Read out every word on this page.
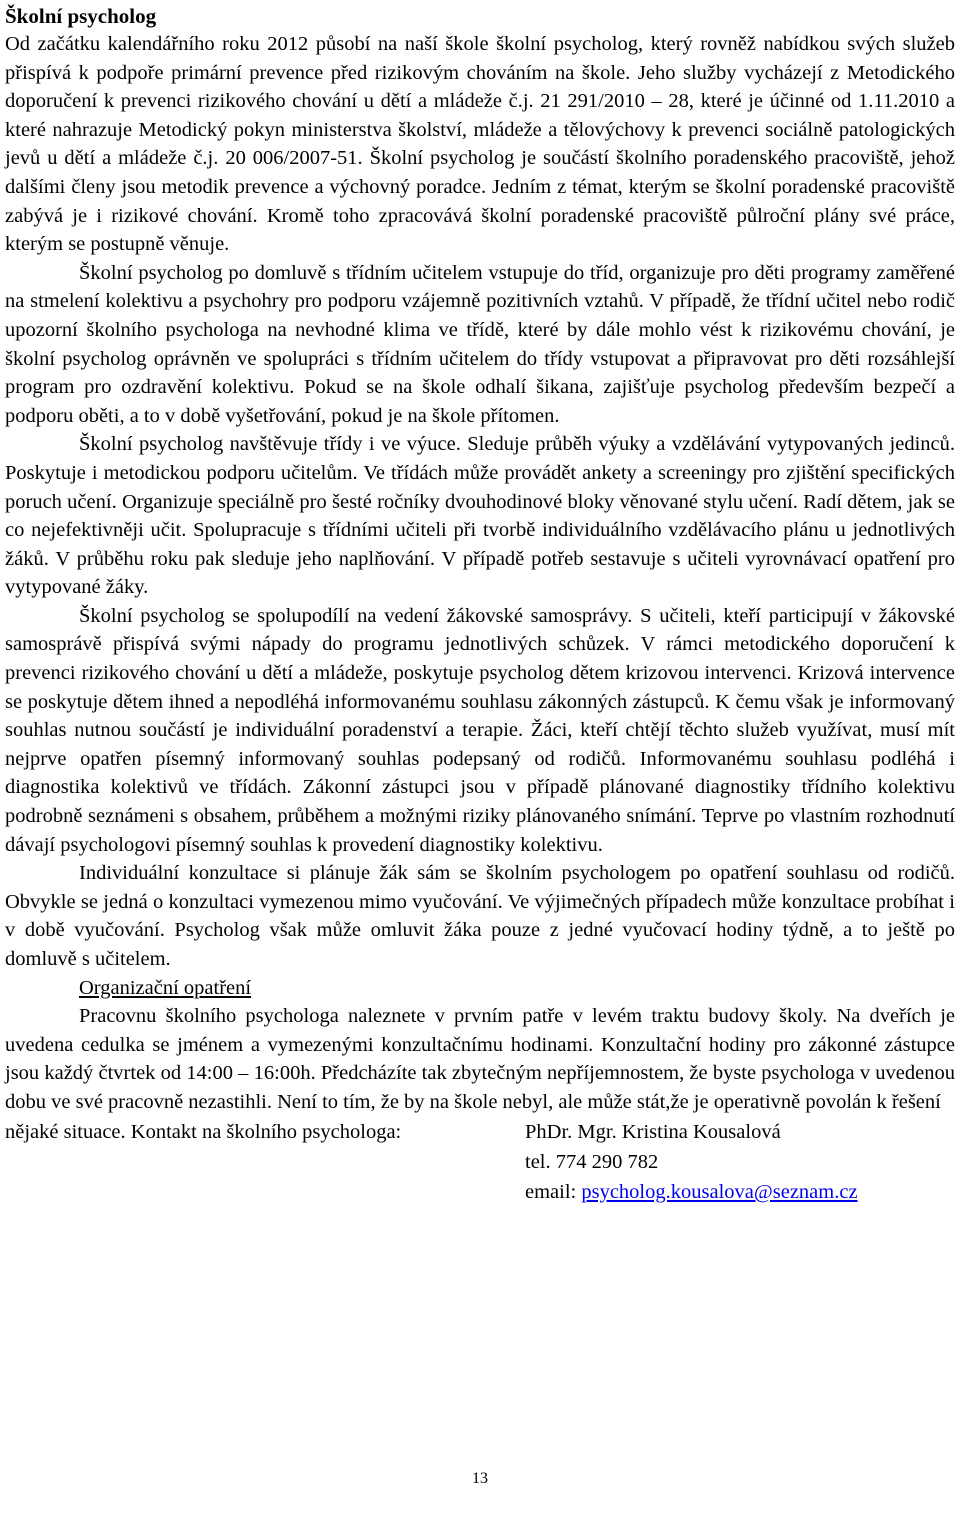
Školní psycholog

Od začátku kalendářního roku 2012 působí na naší škole školní psycholog, který rovněž nabídkou svých služeb přispívá k podpoře primární prevence před rizikovým chováním na škole. Jeho služby vycházejí z Metodického doporučení k prevenci rizikového chování u dětí a mládeže č.j. 21 291/2010 – 28, které je účinné od 1.11.2010 a které nahrazuje Metodický pokyn ministerstva školství, mládeže a tělovýchovy k prevenci sociálně patologických jevů u dětí a mládeže č.j. 20 006/2007-51. Školní psycholog je součástí školního poradenského pracoviště, jehož dalšími členy jsou metodik prevence a výchovný poradce. Jedním z témat, kterým se školní poradenské pracoviště zabývá je i rizikové chování. Kromě toho zpracovává školní poradenské pracoviště půlroční plány své práce, kterým se postupně věnuje.

Školní psycholog po domluvě s třídním učitelem vstupuje do tříd, organizuje pro děti programy zaměřené na stmelení kolektivu a psychohry pro podporu vzájemně pozitivních vztahů. V případě, že třídní učitel nebo rodič upozorní školního psychologa na nevhodné klima ve třídě, které by dále mohlo vést k rizikovému chování, je školní psycholog oprávněn ve spolupráci s třídním učitelem do třídy vstupovat a připravovat pro děti rozsáhlejší program pro ozdravění kolektivu. Pokud se na škole odhalí šikana, zajišťuje psycholog především bezpečí a podporu oběti, a to v době vyšetřování, pokud je na škole přítomen.

Školní psycholog navštěvuje třídy i ve výuce. Sleduje průběh výuky a vzdělávání vytypovaných jedinců. Poskytuje i metodickou podporu učitelům. Ve třídách může provádět ankety a screeningy pro zjištění specifických poruch učení. Organizuje speciálně pro šesté ročníky dvouhodinové bloky věnované stylu učení. Radí dětem, jak se co nejefektivněji učit. Spolupracuje s třídními učiteli při tvorbě individuálního vzdělávacího plánu u jednotlivých žáků. V průběhu roku pak sleduje jeho naplňování. V případě potřeb sestavuje s učiteli vyrovnávací opatření pro vytypované žáky.

Školní psycholog se spolupodílí na vedení žákovské samosprávy. S učiteli, kteří participují v žákovské samosprávě přispívá svými nápady do programu jednotlivých schůzek. V rámci metodického doporučení k prevenci rizikového chování u dětí a mládeže, poskytuje psycholog dětem krizovou intervenci. Krizová intervence se poskytuje dětem ihned a nepodléhá informovanému souhlasu zákonných zástupců. K čemu však je informovaný souhlas nutnou součástí je individuální poradenství a terapie. Žáci, kteří chtějí těchto služeb využívat, musí mít nejprve opatřen písemný informovaný souhlas podepsaný od rodičů. Informovanému souhlasu podléhá i diagnostika kolektivů ve třídách. Zákonní zástupci jsou v případě plánované diagnostiky třídního kolektivu podrobně seznámeni s obsahem, průběhem a možnými riziky plánovaného snímání. Teprve po vlastním rozhodnutí dávají psychologovi písemný souhlas k provedení diagnostiky kolektivu.

Individuální konzultace si plánuje žák sám se školním psychologem po opatření souhlasu od rodičů. Obvykle se jedná o konzultaci vymezenou mimo vyučování. Ve výjimečných případech může konzultace probíhat i v době vyučování. Psycholog však může omluvit žáka pouze z jedné vyučovací hodiny týdně, a to ještě po domluvě s učitelem.

Organizační opatření

Pracovnu školního psychologa naleznete v prvním patře v levém traktu budovy školy. Na dveřích je uvedena cedulka se jménem a vymezenými konzultačnímu hodinami. Konzultační hodiny pro zákonné zástupce jsou každý čtvrtek od 14:00 – 16:00h. Předcházíte tak zbytečným nepříjemnostem, že byste psychologa v uvedenou dobu ve své pracovně nezastihli. Není to tím, že by na škole nebyl, ale může stát,že je operativně povolán k řešení

nějaké situace. Kontakt na školního psychologa:	PhDr. Mgr. Kristina Kousalová
tel. 774 290 782
email: psycholog.kousalova@seznam.cz
13
